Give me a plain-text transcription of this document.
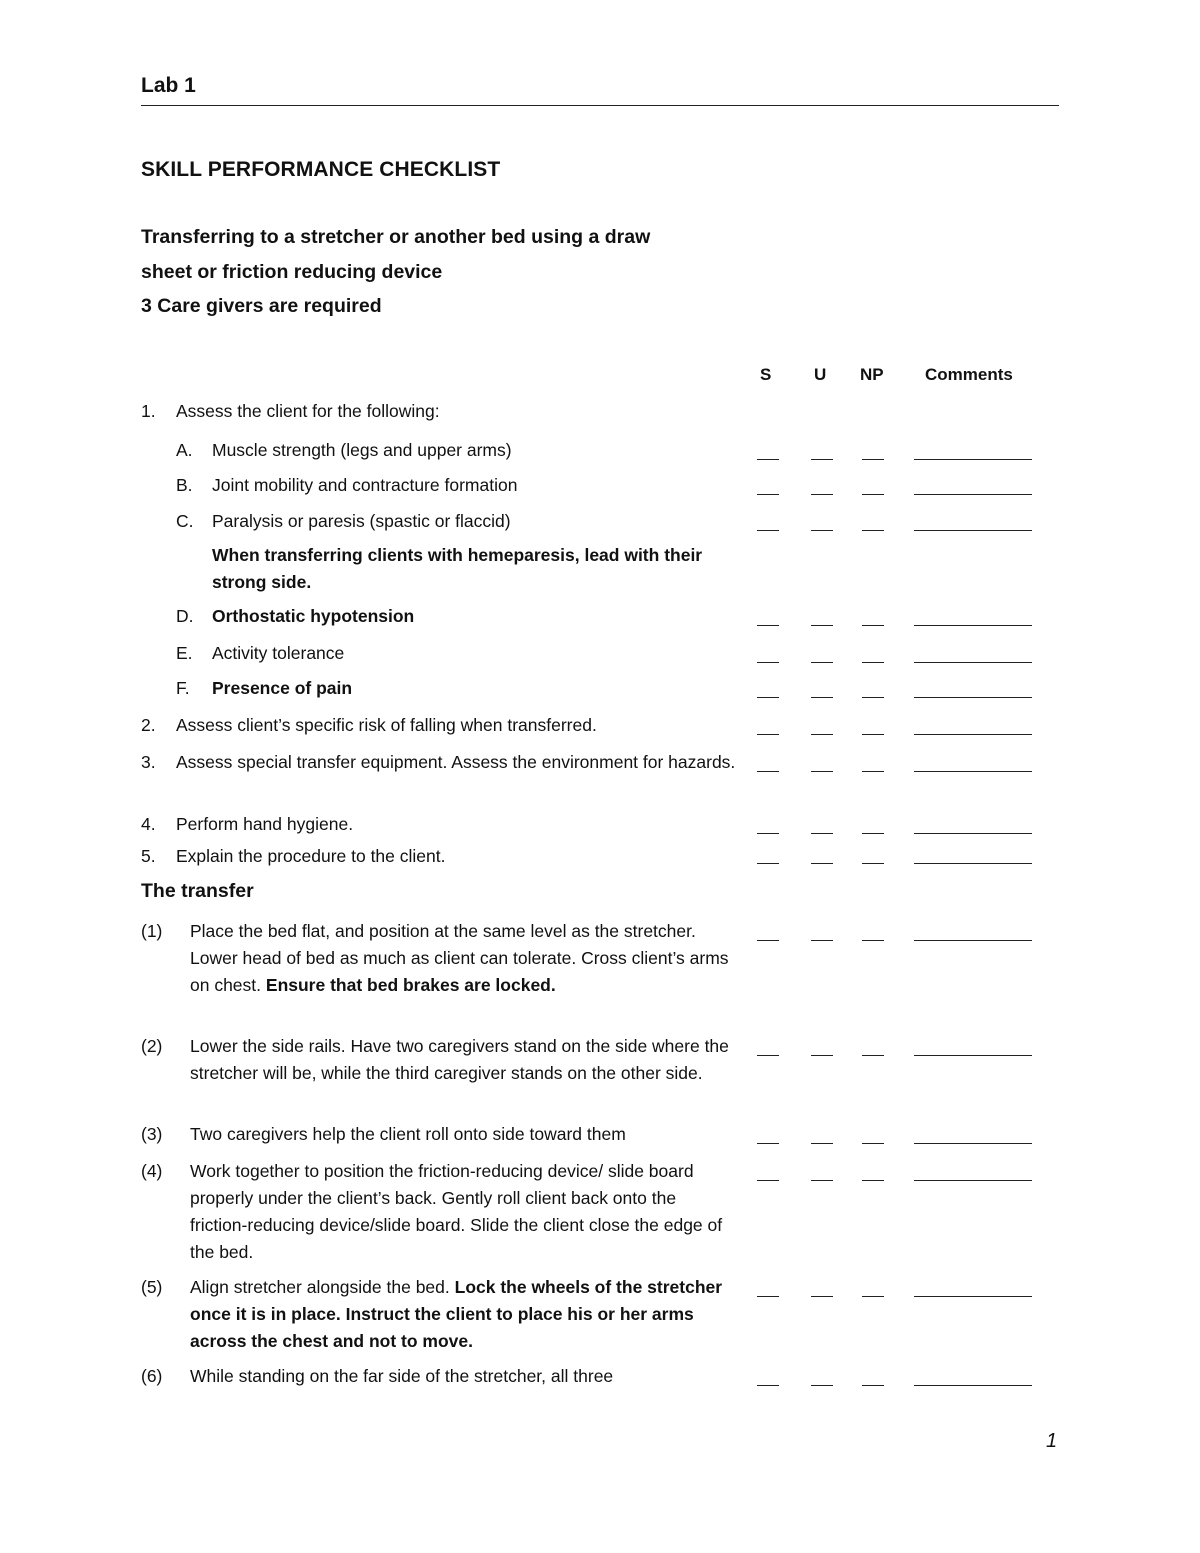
Lab 1
SKILL PERFORMANCE CHECKLIST
Transferring to a stretcher or another bed using a draw
sheet or friction reducing device
3 Care givers are required
S	U NP Comments
1. Assess the client for the following:
A. Muscle strength (legs and upper arms)
B. Joint mobility and contracture formation
C. Paralysis or paresis (spastic or flaccid)
When transferring clients with hemeparesis, lead with their strong side.
D. Orthostatic hypotension
E. Activity tolerance
F. Presence of pain
2. Assess client’s specific risk of falling when transferred.
3. Assess special transfer equipment. Assess the environment for hazards.
4. Perform hand hygiene.
5. Explain the procedure to the client.
The transfer
(1) Place the bed flat, and position at the same level as the stretcher. Lower head of bed as much as client can tolerate. Cross client’s arms on chest. Ensure that bed brakes are locked.
(2) Lower the side rails. Have two caregivers stand on the side where the stretcher will be, while the third caregiver stands on the other side.
(3) Two caregivers help the client roll onto side toward them
(4) Work together to position the friction-reducing device/ slide board properly under the client’s back. Gently roll client back onto the friction-reducing device/slide board. Slide the client close the edge of the bed.
(5) Align stretcher alongside the bed. Lock the wheels of the stretcher once it is in place. Instruct the client to place his or her arms across the chest and not to move.
(6) While standing on the far side of the stretcher, all three
1
